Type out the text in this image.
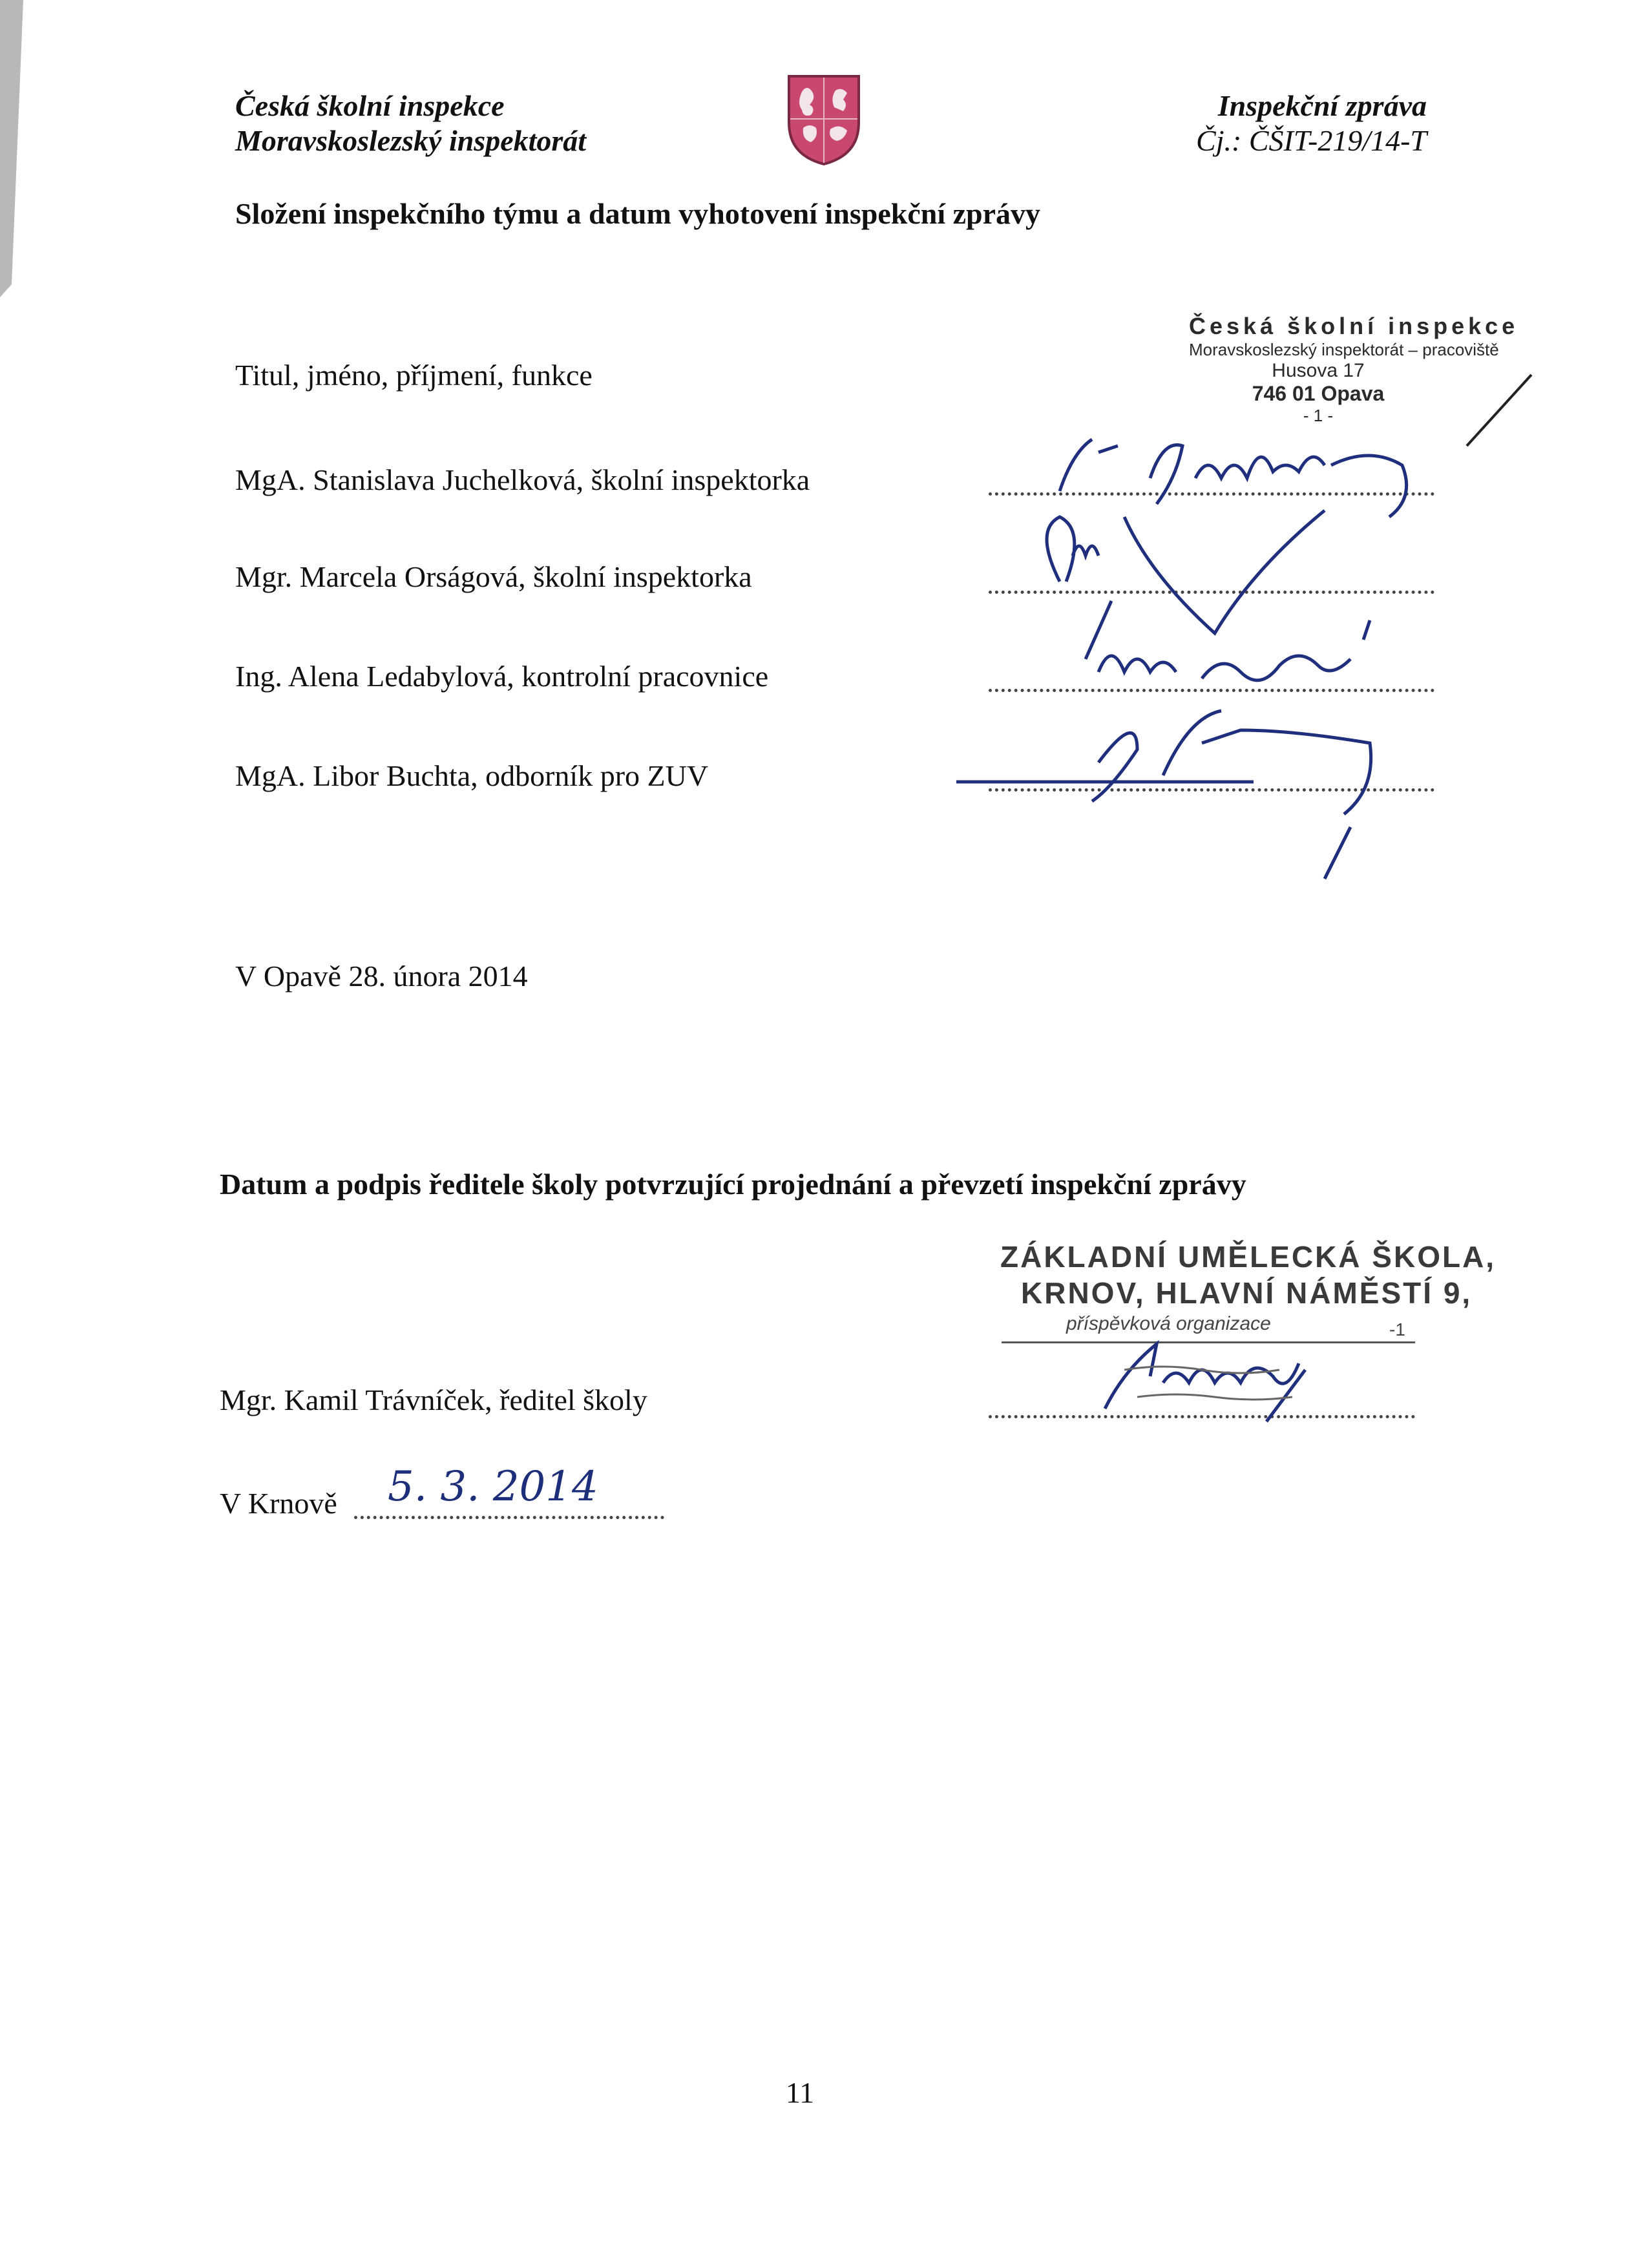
Česká školní inspekce
Moravskoslezský inspektorát
Inspekční zpráva
Čj.: ČŠIT-219/14-T
Složení inspekčního týmu a datum vyhotovení inspekční zprávy
Titul, jméno, příjmení, funkce
MgA. Stanislava Juchelková, školní inspektorka
Mgr. Marcela Orságová, školní inspektorka
Ing. Alena Ledabylová, kontrolní pracovnice
MgA. Libor Buchta, odborník pro ZUV
Česká školní inspekce
Moravskoslezský inspektorát – pracoviště
Husova 17
746 01 Opava
- 1 -
V Opavě 28. února 2014
Datum a podpis ředitele školy potvrzující projednání a převzetí inspekční zprávy
ZÁKLADNÍ UMĚLECKÁ ŠKOLA,
KRNOV, HLAVNÍ NÁMĚSTÍ 9,
příspěvková organizace	-1
Mgr. Kamil Trávníček, ředitel školy
V Krnově 5. 3. 2014
11
